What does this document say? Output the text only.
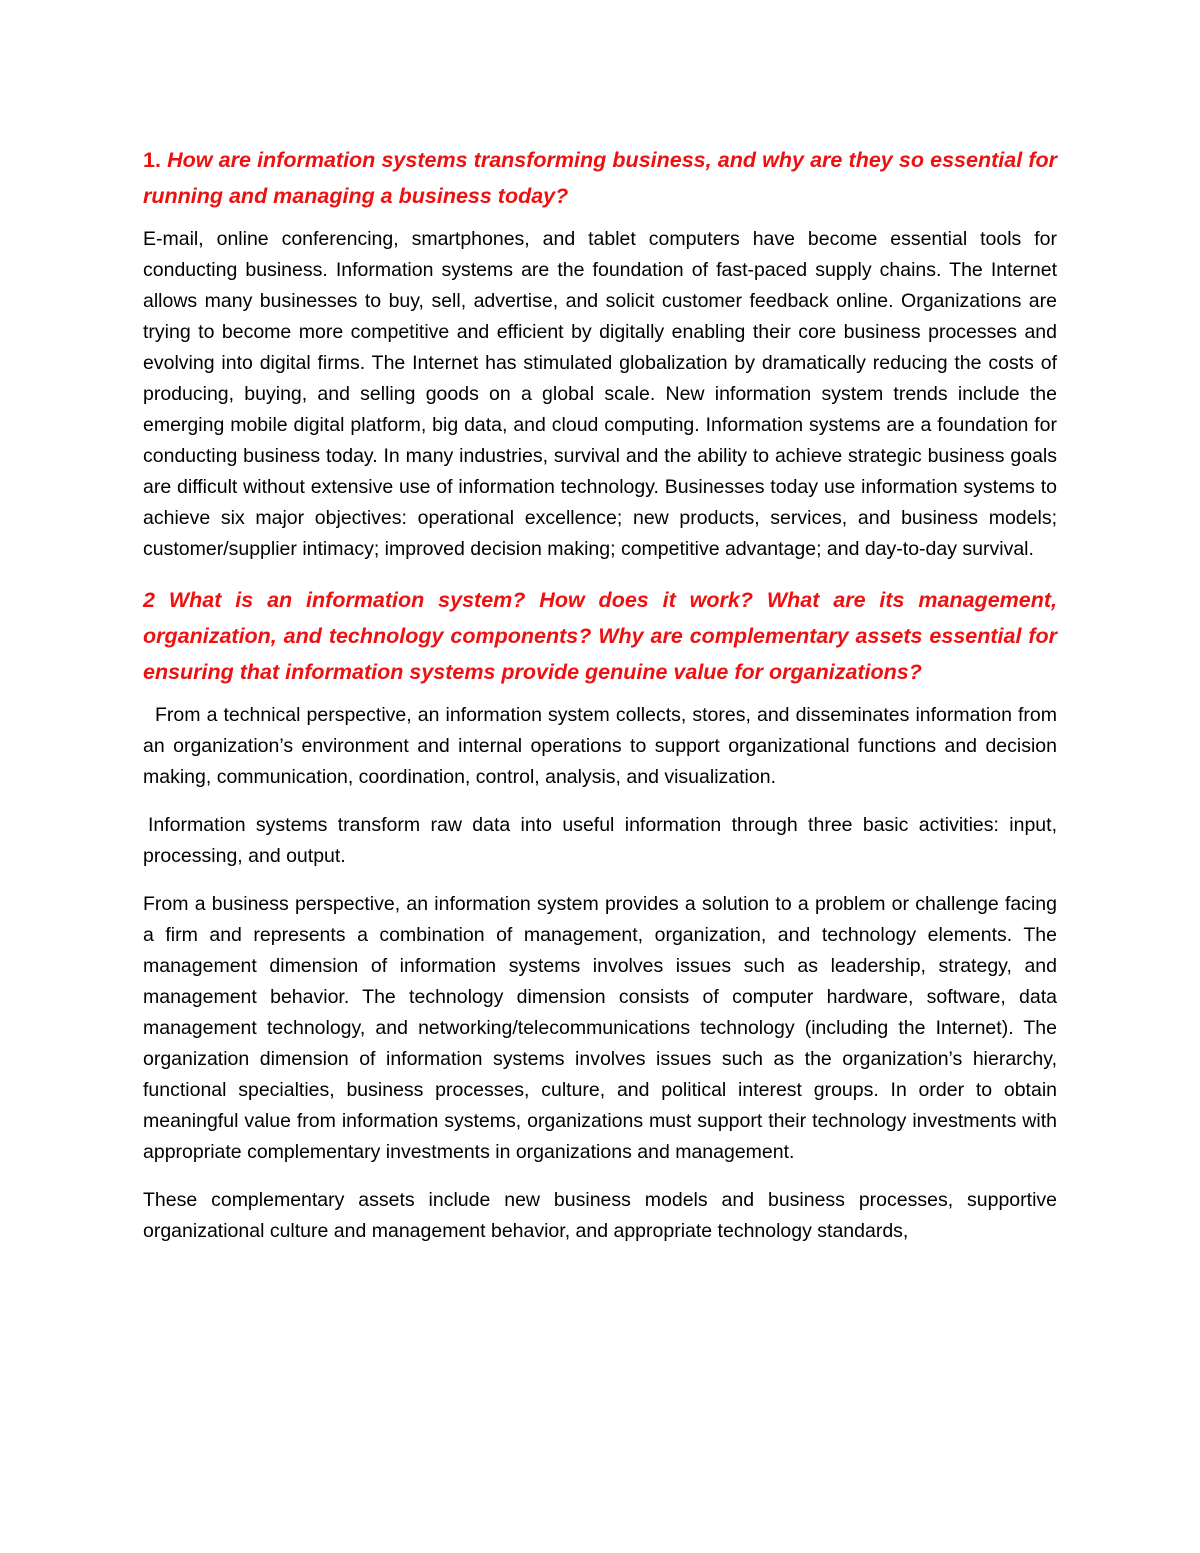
1. How are information systems transforming business, and why are they so essential for running and managing a business today?

E-mail, online conferencing, smartphones, and tablet computers have become essential tools for conducting business. Information systems are the foundation of fast-paced supply chains. The Internet allows many businesses to buy, sell, advertise, and solicit customer feedback online. Organizations are trying to become more competitive and efficient by digitally enabling their core business processes and evolving into digital firms. The Internet has stimulated globalization by dramatically reducing the costs of producing, buying, and selling goods on a global scale. New information system trends include the emerging mobile digital platform, big data, and cloud computing. Information systems are a foundation for conducting business today. In many industries, survival and the ability to achieve strategic business goals are difficult without extensive use of information technology. Businesses today use information systems to achieve six major objectives: operational excellence; new products, services, and business models; customer/supplier intimacy; improved decision making; competitive advantage; and day-to-day survival.

2 What is an information system? How does it work? What are its management, organization, and technology components? Why are complementary assets essential for ensuring that information systems provide genuine value for organizations?

From a technical perspective, an information system collects, stores, and disseminates information from an organization’s environment and internal operations to support organizational functions and decision making, communication, coordination, control, analysis, and visualization.

Information systems transform raw data into useful information through three basic activities: input, processing, and output.

From a business perspective, an information system provides a solution to a problem or challenge facing a firm and represents a combination of management, organization, and technology elements. The management dimension of information systems involves issues such as leadership, strategy, and management behavior. The technology dimension consists of computer hardware, software, data management technology, and networking/telecommunications technology (including the Internet). The organization dimension of information systems involves issues such as the organization’s hierarchy, functional specialties, business processes, culture, and political interest groups. In order to obtain meaningful value from information systems, organizations must support their technology investments with appropriate complementary investments in organizations and management.

These complementary assets include new business models and business processes, supportive organizational culture and management behavior, and appropriate technology standards,
